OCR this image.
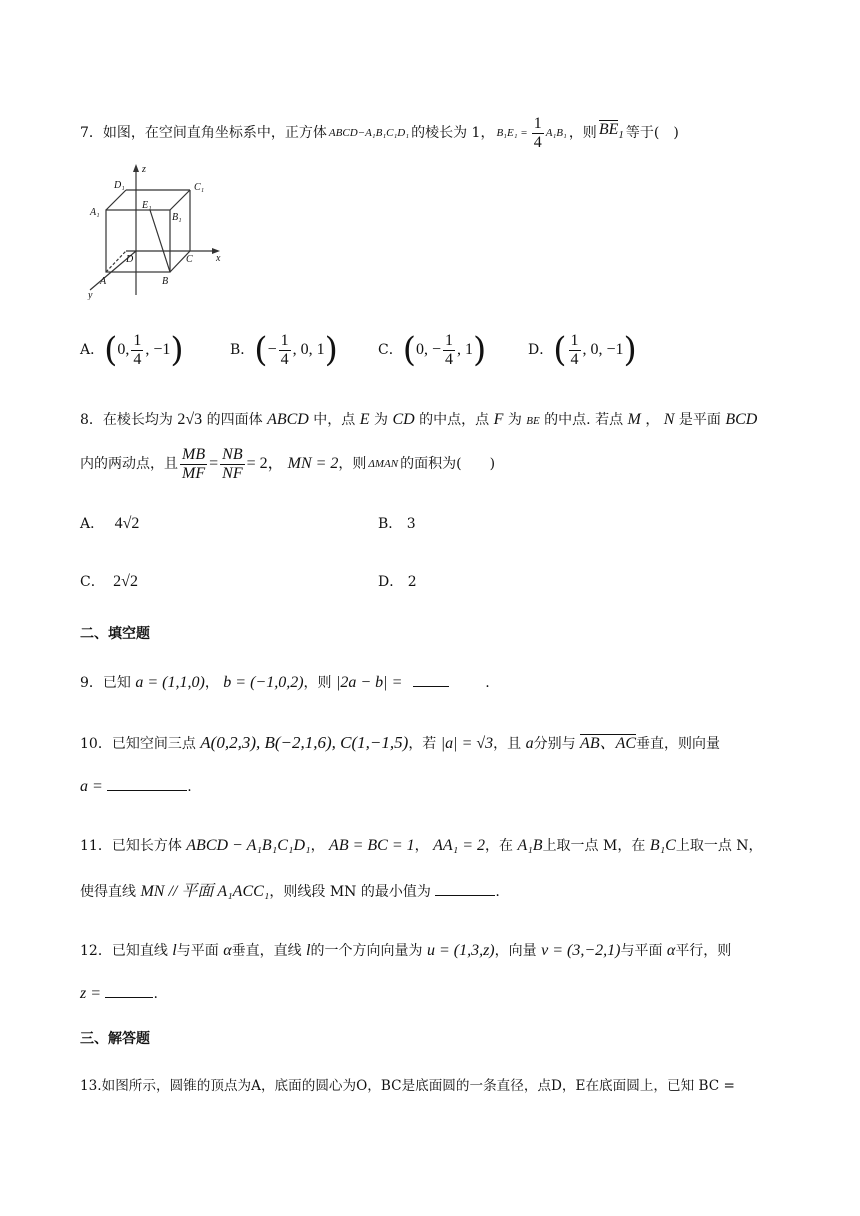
7． 如图，在空间直角坐标系中，正方体 ABCD−A₁B₁C₁D₁ 的棱长为 1， $B_1E_1 = \frac{1}{4} A_1B_1$ ，则 $BE_1$ 等于(　)
z
x
y
D₁	C₁
A₁
E₁
B₁
D	C
A	B
A． ( 0, $\frac{1}{4}$ , −1 )	B． ( − $\frac{1}{4}$ , 0, 1 )	C． ( 0, − $\frac{1}{4}$ , 1 )	D． ( $\frac{1}{4}$ , 0, −1 )
8．在棱长均为 2√3 的四面体 ABCD 中，点 E 为 CD 的中点，点 F 为 BE 的中点. 若点 M ， N 是平面 BCD
内的两动点，且 $\frac{MB}{MF} = \frac{NB}{NF} = 2$， MN = 2 ，则 ΔMAN 的面积为(　　)
A． 4√2	B． 3
C． 2√2	D． 2
二、填空题
9．已知 a = (1,1,0)， b = (−1,0,2)，则 |2a − b| =	.
10．已知空间三点 A(0,2,3), B(−2,1,6), C(1,−1,5)，若 |a| = √3，且 a分别与 AB、AC垂直，则向量
a =	.
11．已知长方体 ABCD − A₁B₁C₁D₁， AB = BC = 1， AA₁ = 2，在 A₁B上取一点 M，在 B₁C上取一点 N，
使得直线 MN // 平面 A₁ACC₁，则线段 MN 的最小值为	.
12．已知直线 l与平面 α垂直，直线 l的一个方向向量为 u = (1,3,z)，向量 v = (3,−2,1)与平面 α平行，则
z =	.
三、解答题
13.如图所示，圆锥的顶点为A，底面的圆心为O，BC是底面圆的一条直径，点D，E在底面圆上，已知 BC =
